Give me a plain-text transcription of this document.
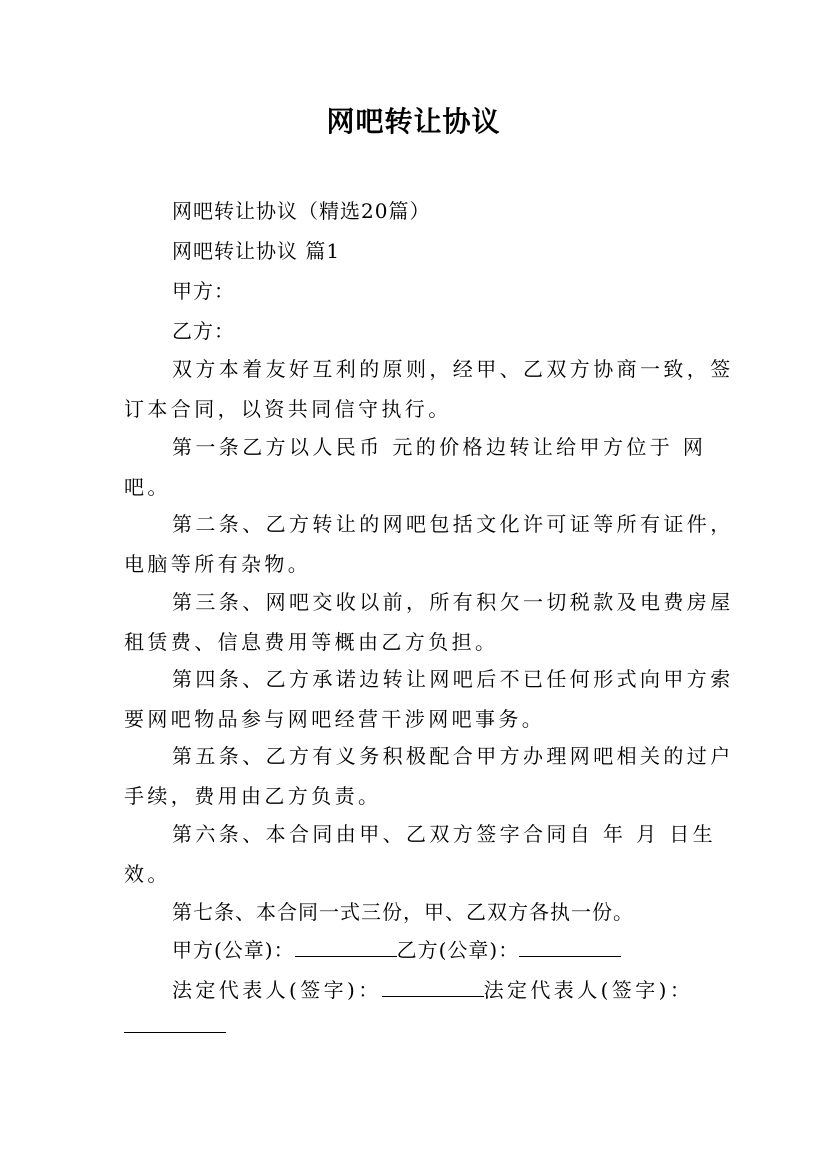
网吧转让协议
网吧转让协议（精选20篇）
网吧转让协议 篇1
甲方：
乙方：
双方本着友好互利的原则，经甲、乙双方协商一致，签
订本合同，以资共同信守执行。
第一条乙方以人民币 元的价格边转让给甲方位于 网
吧。
第二条、乙方转让的网吧包括文化许可证等所有证件，
电脑等所有杂物。
第三条、网吧交收以前，所有积欠一切税款及电费房屋
租赁费、信息费用等概由乙方负担。
第四条、乙方承诺边转让网吧后不已任何形式向甲方索
要网吧物品参与网吧经营干涉网吧事务。
第五条、乙方有义务积极配合甲方办理网吧相关的过户
手续，费用由乙方负责。
第六条、本合同由甲、乙双方签字合同自 年 月 日生
效。
第七条、本合同一式三份，甲、乙双方各执一份。
甲方(公章)：	乙方(公章)：
法定代表人(签字)：	法定代表人(签字)：
